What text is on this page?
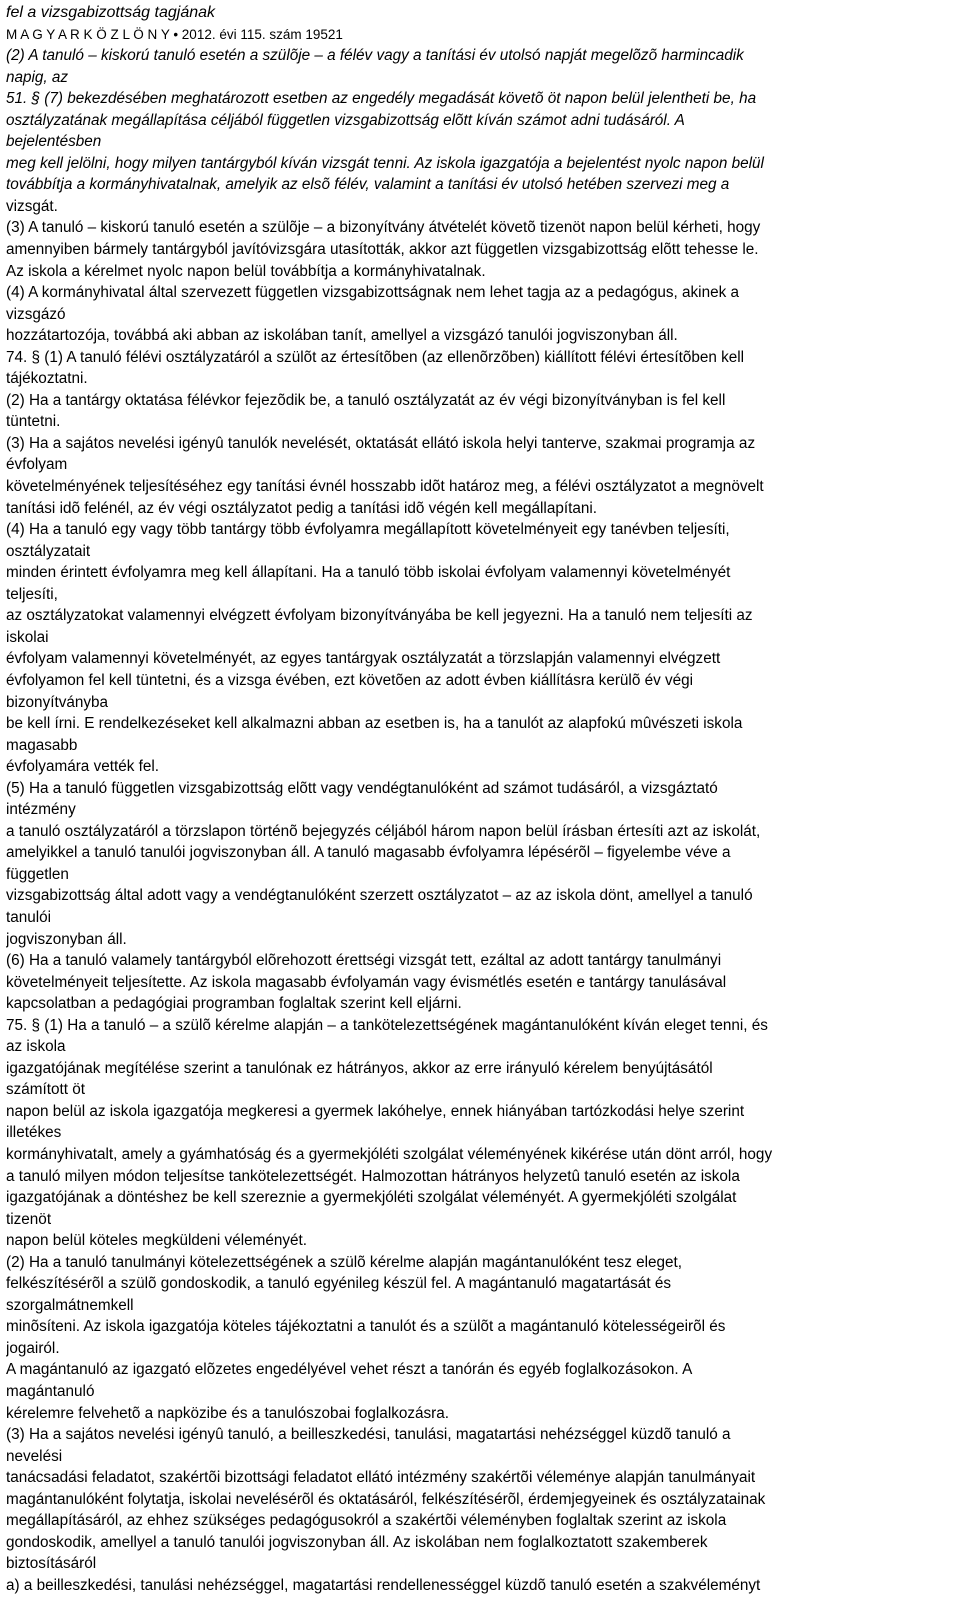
fel a vizsgabizottság tagjának
M A G Y A R K Ö Z L Ö N Y • 2012. évi 115. szám 19521
(2) A tanuló – kiskorú tanuló esetén a szülõje – a félév vagy a tanítási év utolsó napját megelõzõ harmincadik
napig, az
51. § (7) bekezdésében meghatározott esetben az engedély megadását követõ öt napon belül jelentheti be, ha
osztályzatának megállapítása céljából független vizsgabizottság elõtt kíván számot adni tudásáról. A
bejelentésben
meg kell jelölni, hogy milyen tantárgyból kíván vizsgát tenni. Az iskola igazgatója a bejelentést nyolc napon belül
továbbítja a kormányhivatalnak, amelyik az elsõ félév, valamint a tanítási év utolsó hetében szervezi meg a
vizsgát.
(3) A tanuló – kiskorú tanuló esetén a szülõje – a bizonyítvány átvételét követõ tizenöt napon belül kérheti, hogy
amennyiben bármely tantárgyból javítóvizsgára utasították, akkor azt független vizsgabizottság elõtt tehesse le.
Az iskola a kérelmet nyolc napon belül továbbítja a kormányhivatalnak.
(4) A kormányhivatal által szervezett független vizsgabizottságnak nem lehet tagja az a pedagógus, akinek a
vizsgázó
hozzátartozója, továbbá aki abban az iskolában tanít, amellyel a vizsgázó tanulói jogviszonyban áll.
74. § (1) A tanuló félévi osztályzatáról a szülõt az értesítõben (az ellenõrzõben) kiállított félévi értesítõben kell
tájékoztatni.
(2) Ha a tantárgy oktatása félévkor fejezõdik be, a tanuló osztályzatát az év végi bizonyítványban is fel kell
tüntetni.
(3) Ha a sajátos nevelési igényû tanulók nevelését, oktatását ellátó iskola helyi tanterve, szakmai programja az
évfolyam
követelményének teljesítéséhez egy tanítási évnél hosszabb idõt határoz meg, a félévi osztályzatot a megnövelt
tanítási idõ felénél, az év végi osztályzatot pedig a tanítási idõ végén kell megállapítani.
(4) Ha a tanuló egy vagy több tantárgy több évfolyamra megállapított követelményeit egy tanévben teljesíti,
osztályzatait
minden érintett évfolyamra meg kell állapítani. Ha a tanuló több iskolai évfolyam valamennyi követelményét
teljesíti,
az osztályzatokat valamennyi elvégzett évfolyam bizonyítványába be kell jegyezni. Ha a tanuló nem teljesíti az
iskolai
évfolyam valamennyi követelményét, az egyes tantárgyak osztályzatát a törzslapján valamennyi elvégzett
évfolyamon fel kell tüntetni, és a vizsga évében, ezt követõen az adott évben kiállításra kerülõ év végi
bizonyítványba
be kell írni. E rendelkezéseket kell alkalmazni abban az esetben is, ha a tanulót az alapfokú mûvészeti iskola
magasabb
évfolyamára vették fel.
(5) Ha a tanuló független vizsgabizottság elõtt vagy vendégtanulóként ad számot tudásáról, a vizsgáztató
intézmény
a tanuló osztályzatáról a törzslapon történõ bejegyzés céljából három napon belül írásban értesíti azt az iskolát,
amelyikkel a tanuló tanulói jogviszonyban áll. A tanuló magasabb évfolyamra lépésérõl – figyelembe véve a
független
vizsgabizottság által adott vagy a vendégtanulóként szerzett osztályzatot – az az iskola dönt, amellyel a tanuló
tanulói
jogviszonyban áll.
(6) Ha a tanuló valamely tantárgyból elõrehozott érettségi vizsgát tett, ezáltal az adott tantárgy tanulmányi
követelményeit teljesítette. Az iskola magasabb évfolyamán vagy évismétlés esetén e tantárgy tanulásával
kapcsolatban a pedagógiai programban foglaltak szerint kell eljárni.
75. § (1) Ha a tanuló – a szülõ kérelme alapján – a tankötelezettségének magántanulóként kíván eleget tenni, és
az iskola
igazgatójának megítélése szerint a tanulónak ez hátrányos, akkor az erre irányuló kérelem benyújtásától
számított öt
napon belül az iskola igazgatója megkeresi a gyermek lakóhelye, ennek hiányában tartózkodási helye szerint
illetékes
kormányhivatalt, amely a gyámhatóság és a gyermekjóléti szolgálat véleményének kikérése után dönt arról, hogy
a tanuló milyen módon teljesítse tankötelezettségét. Halmozottan hátrányos helyzetû tanuló esetén az iskola
igazgatójának a döntéshez be kell szereznie a gyermekjóléti szolgálat véleményét. A gyermekjóléti szolgálat
tizenöt
napon belül köteles megküldeni véleményét.
(2) Ha a tanuló tanulmányi kötelezettségének a szülõ kérelme alapján magántanulóként tesz eleget,
felkészítésérõl a szülõ gondoskodik, a tanuló egyénileg készül fel. A magántanuló magatartását és
szorgalmátnemkell
minõsíteni. Az iskola igazgatója köteles tájékoztatni a tanulót és a szülõt a magántanuló kötelességeirõl és
jogairól.
A magántanuló az igazgató elõzetes engedélyével vehet részt a tanórán és egyéb foglalkozásokon. A
magántanuló
kérelemre felvehetõ a napközibe és a tanulószobai foglalkozásra.
(3) Ha a sajátos nevelési igényû tanuló, a beilleszkedési, tanulási, magatartási nehézséggel küzdõ tanuló a
nevelési
tanácsadási feladatot, szakértõi bizottsági feladatot ellátó intézmény szakértõi véleménye alapján tanulmányait
magántanulóként folytatja, iskolai nevelésérõl és oktatásáról, felkészítésérõl, érdemjegyeinek és osztályzatainak
megállapításáról, az ehhez szükséges pedagógusokról a szakértõi véleményben foglaltak szerint az iskola
gondoskodik, amellyel a tanuló tanulói jogviszonyban áll. Az iskolában nem foglalkoztatott szakemberek
biztosításáról
a) a beilleszkedési, tanulási nehézséggel, magatartási rendellenességgel küzdõ tanuló esetén a szakvéleményt
